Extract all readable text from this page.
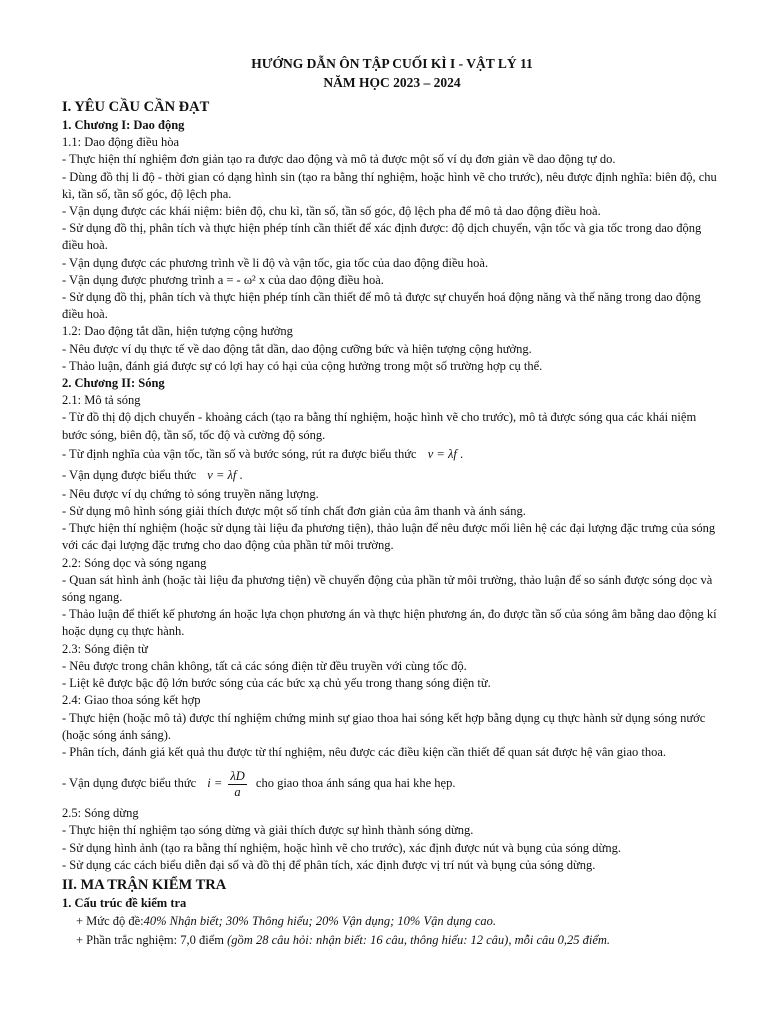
HƯỚNG DẪN ÔN TẬP CUỐI KÌ I - VẬT LÝ 11
NĂM HỌC 2023 – 2024
I. YÊU CẦU CẦN ĐẠT
1. Chương I: Dao động
1.1: Dao động điều hòa
- Thực hiện thí nghiệm đơn giản tạo ra được dao động và mô tả được một số ví dụ đơn giản về dao động tự do.
- Dùng đồ thị li độ - thời gian có dạng hình sin (tạo ra bằng thí nghiệm, hoặc hình vẽ cho trước), nêu được định nghĩa: biên độ, chu kì, tần số, tần số góc, độ lệch pha.
- Vận dụng được các khái niệm: biên độ, chu kì, tần số, tần số góc, độ lệch pha để mô tả dao động điều hoà.
- Sử dụng đồ thị, phân tích và thực hiện phép tính cần thiết để xác định được: độ dịch chuyển, vận tốc và gia tốc trong dao động điều hoà.
- Vận dụng được các phương trình về li độ và vận tốc, gia tốc của dao động điều hoà.
- Vận dụng được phương trình a = - ω² x của dao động điều hoà.
- Sử dụng đồ thị, phân tích và thực hiện phép tính cần thiết để mô tả được sự chuyển hoá động năng và thế năng trong dao động điều hoà.
1.2: Dao động tắt dần, hiện tượng cộng hưởng
- Nêu được ví dụ thực tế về dao động tắt dần, dao động cưỡng bức và hiện tượng cộng hưởng.
- Thảo luận, đánh giá được sự có lợi hay có hại của cộng hưởng trong một số trường hợp cụ thể.
2. Chương II: Sóng
2.1: Mô tả sóng
- Từ đồ thị độ dịch chuyển - khoảng cách (tạo ra bằng thí nghiệm, hoặc hình vẽ cho trước), mô tả được sóng qua các khái niệm bước sóng, biên độ, tần số, tốc độ và cường độ sóng.
- Từ định nghĩa của vận tốc, tần số và bước sóng, rút ra được biểu thức v = λf .
- Vận dụng được biểu thức v = λf .
- Nêu được ví dụ chứng tỏ sóng truyền năng lượng.
- Sử dụng mô hình sóng giải thích được một số tính chất đơn giản của âm thanh và ánh sáng.
- Thực hiện thí nghiệm (hoặc sử dụng tài liệu đa phương tiện), thảo luận để nêu được mối liên hệ các đại lượng đặc trưng của sóng với các đại lượng đặc trưng cho dao động của phần tử môi trường.
2.2: Sóng dọc và sóng ngang
- Quan sát hình ảnh (hoặc tài liệu đa phương tiện) về chuyển động của phần tử môi trường, thảo luận để so sánh được sóng dọc và sóng ngang.
- Thảo luận để thiết kế phương án hoặc lựa chọn phương án và thực hiện phương án, đo được tần số của sóng âm bằng dao động kí hoặc dụng cụ thực hành.
2.3: Sóng điện từ
- Nêu được trong chân không, tất cả các sóng điện từ đều truyền với cùng tốc độ.
- Liệt kê được bậc độ lớn bước sóng của các bức xạ chủ yếu trong thang sóng điện từ.
2.4: Giao thoa sóng kết hợp
- Thực hiện (hoặc mô tả) được thí nghiệm chứng minh sự giao thoa hai sóng kết hợp bằng dụng cụ thực hành sử dụng sóng nước (hoặc sóng ánh sáng).
- Phân tích, đánh giá kết quả thu được từ thí nghiệm, nêu được các điều kiện cần thiết để quan sát được hệ vân giao thoa.
- Vận dụng được biểu thức $i = \frac{\lambda D}{a}$ cho giao thoa ánh sáng qua hai khe hẹp.
2.5: Sóng dừng
- Thực hiện thí nghiệm tạo sóng dừng và giải thích được sự hình thành sóng dừng.
- Sử dụng hình ảnh (tạo ra bằng thí nghiệm, hoặc hình vẽ cho trước), xác định được nút và bụng của sóng dừng.
- Sử dụng các cách biểu diễn đại số và đồ thị để phân tích, xác định được vị trí nút và bụng của sóng dừng.
II. MA TRẬN KIỂM TRA
1. Cấu trúc đề kiểm tra
+ Mức độ đề:40% Nhận biết; 30% Thông hiểu; 20% Vận dụng; 10% Vận dụng cao.
+ Phần trắc nghiệm: 7,0 điểm (gồm 28 câu hỏi: nhận biết: 16 câu, thông hiểu: 12 câu), mỗi câu 0,25 điểm.
